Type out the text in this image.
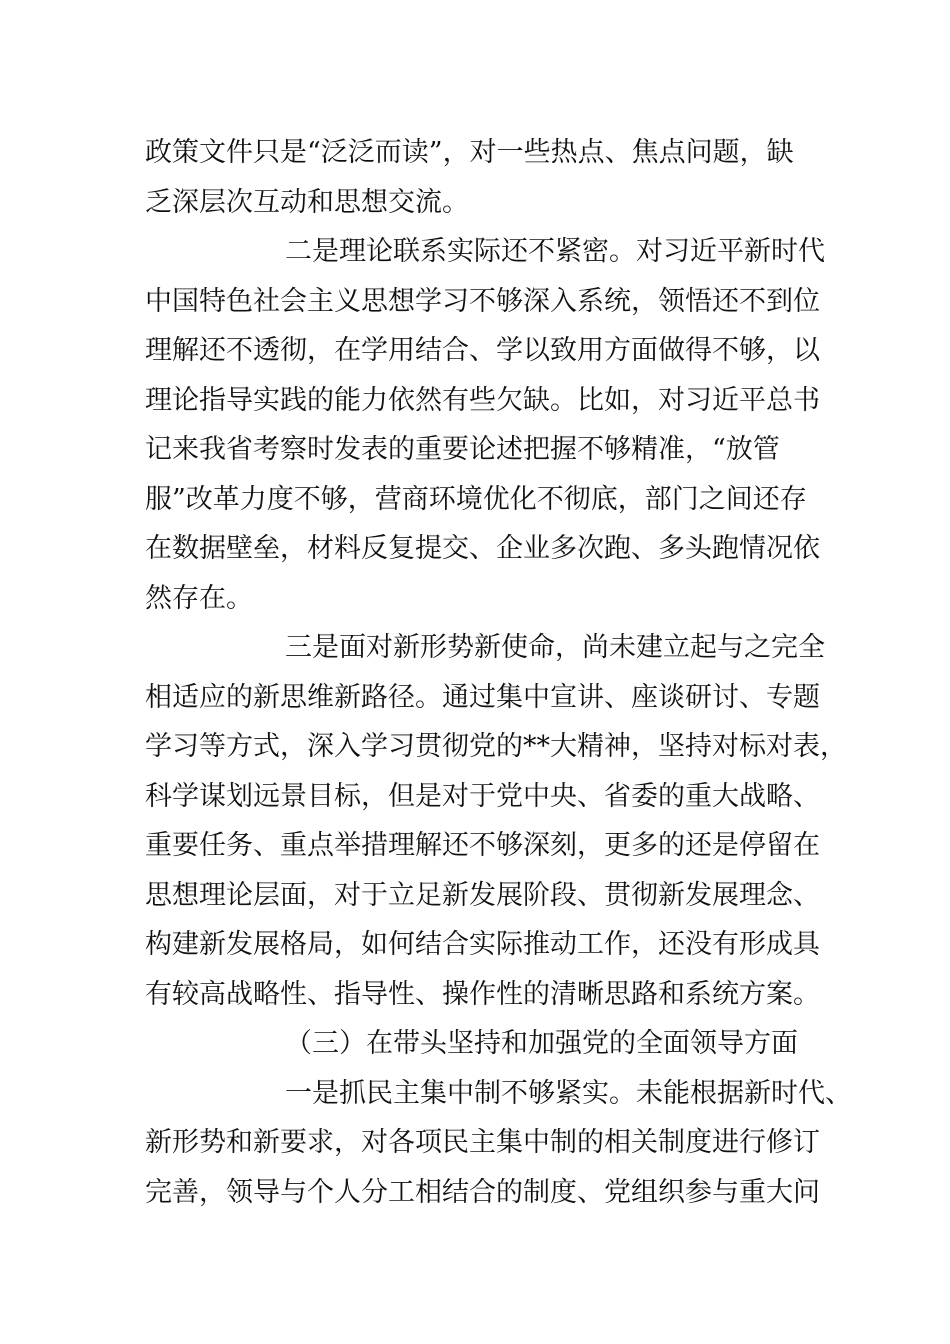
政策文件只是“泛泛而读”，对一些热点、焦点问题，缺
乏深层次互动和思想交流。
二是理论联系实际还不紧密。对习近平新时代
中国特色社会主义思想学习不够深入系统，领悟还不到位
理解还不透彻，在学用结合、学以致用方面做得不够，以
理论指导实践的能力依然有些欠缺。比如，对习近平总书
记来我省考察时发表的重要论述把握不够精准，“放管
服”改革力度不够，营商环境优化不彻底，部门之间还存
在数据壁垒，材料反复提交、企业多次跑、多头跑情况依
然存在。
三是面对新形势新使命，尚未建立起与之完全
相适应的新思维新路径。通过集中宣讲、座谈研讨、专题
学习等方式，深入学习贯彻党的**大精神，坚持对标对表，
科学谋划远景目标，但是对于党中央、省委的重大战略、
重要任务、重点举措理解还不够深刻，更多的还是停留在
思想理论层面，对于立足新发展阶段、贯彻新发展理念、
构建新发展格局，如何结合实际推动工作，还没有形成具
有较高战略性、指导性、操作性的清晰思路和系统方案。
（三）在带头坚持和加强党的全面领导方面
一是抓民主集中制不够紧实。未能根据新时代、
新形势和新要求，对各项民主集中制的相关制度进行修订
完善，领导与个人分工相结合的制度、党组织参与重大问
